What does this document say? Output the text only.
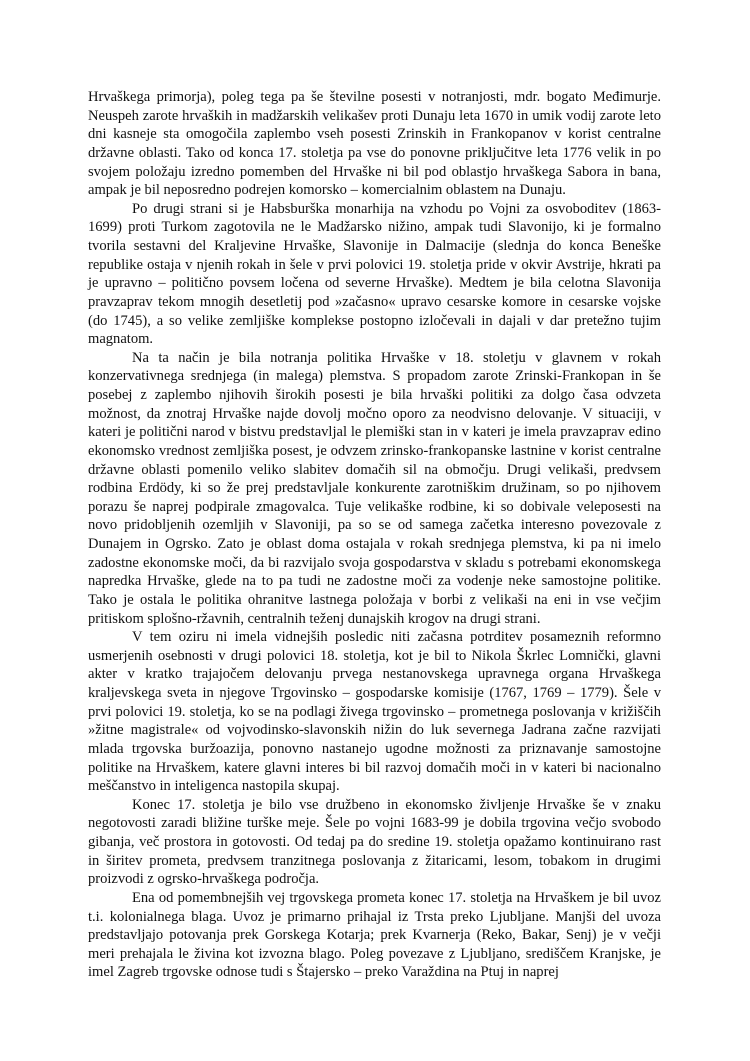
Hrvaškega primorja), poleg tega pa še številne posesti v notranjosti, mdr. bogato Međimurje. Neuspeh zarote hrvaških in madžarskih velikašev proti Dunaju leta 1670 in umik vodij zarote leto dni kasneje sta omogočila zaplembo vseh posesti Zrinskih in Frankopanov v korist centralne državne oblasti. Tako od konca 17. stoletja pa vse do ponovne priključitve leta 1776 velik in po svojem položaju izredno pomemben del Hrvaške ni bil pod oblastjo hrvaškega Sabora in bana, ampak je bil neposredno podrejen komorsko – komercialnim oblastem na Dunaju.

Po drugi strani si je Habsburška monarhija na vzhodu po Vojni za osvoboditev (1863-1699) proti Turkom zagotovila ne le Madžarsko nižino, ampak tudi Slavonijo, ki je formalno tvorila sestavni del Kraljevine Hrvaške, Slavonije in Dalmacije (slednja do konca Beneške republike ostaja v njenih rokah in šele v prvi polovici 19. stoletja pride v okvir Avstrije, hkrati pa je upravno – politično povsem ločena od severne Hrvaške). Medtem je bila celotna Slavonija pravzaprav tekom mnogih desetletij pod »začasno« upravo cesarske komore in cesarske vojske (do 1745), a so velike zemljiške komplekse postopno izločevali in dajali v dar pretežno tujim magnatom.

Na ta način je bila notranja politika Hrvaške v 18. stoletju v glavnem v rokah konzervativnega srednjega (in malega) plemstva. S propadom zarote Zrinski-Frankopan in še posebej z zaplembo njihovih širokih posesti je bila hrvaški politiki za dolgo časa odvzeta možnost, da znotraj Hrvaške najde dovolj močno oporo za neodvisno delovanje. V situaciji, v kateri je politični narod v bistvu predstavljal le plemiški stan in v kateri je imela pravzaprav edino ekonomsko vrednost zemljiška posest, je odvzem zrinsko-frankopanske lastnine v korist centralne državne oblasti pomenilo veliko slabitev domačih sil na območju. Drugi velikaši, predvsem rodbina Erdödy, ki so že prej predstavljale konkurente zarotniškim družinam, so po njihovem porazu še naprej podpirale zmagovalca. Tuje velikaške rodbine, ki so dobivale veleposesti na novo pridobljenih ozemljih v Slavoniji, pa so se od samega začetka interesno povezovale z Dunajem in Ogrsko. Zato je oblast doma ostajala v rokah srednjega plemstva, ki pa ni imelo zadostne ekonomske moči, da bi razvijalo svoja gospodarstva v skladu s potrebami ekonomskega napredka Hrvaške, glede na to pa tudi ne zadostne moči za vodenje neke samostojne politike. Tako je ostala le politika ohranitve lastnega položaja v borbi z velikaši na eni in vse večjim pritiskom splošno-ržavnih, centralnih teženj dunajskih krogov na drugi strani.

V tem oziru ni imela vidnejših posledic niti začasna potrditev posameznih reformno usmerjenih osebnosti v drugi polovici 18. stoletja, kot je bil to Nikola Škrlec Lomnički, glavni akter v kratko trajajočem delovanju prvega nestanovskega upravnega organa Hrvaškega kraljevskega sveta in njegove Trgovinsko – gospodarske komisije (1767, 1769 – 1779). Šele v prvi polovici 19. stoletja, ko se na podlagi živega trgovinsko – prometnega poslovanja v križiščih »žitne magistrale« od vojvodinsko-slavonskih nižin do luk severnega Jadrana začne razvijati mlada trgovska buržoazija, ponovno nastanejo ugodne možnosti za priznavanje samostojne politike na Hrvaškem, katere glavni interes bi bil razvoj domačih moči in v kateri bi nacionalno meščanstvo in inteligenca nastopila skupaj.

Konec 17. stoletja je bilo vse družbeno in ekonomsko življenje Hrvaške še v znaku negotovosti zaradi bližine turške meje. Šele po vojni 1683-99 je dobila trgovina večjo svobodo gibanja, več prostora in gotovosti. Od tedaj pa do sredine 19. stoletja opažamo kontinuirano rast in širitev prometa, predvsem tranzitnega poslovanja z žitaricami, lesom, tobakom in drugimi proizvodi z ogrsko-hrvaškega področja.

Ena od pomembnejših vej trgovskega prometa konec 17. stoletja na Hrvaškem je bil uvoz t.i. kolonialnega blaga. Uvoz je primarno prihajal iz Trsta preko Ljubljane. Manjši del uvoza predstavljajo potovanja prek Gorskega Kotarja; prek Kvarnerja (Reko, Bakar, Senj) je v večji meri prehajala le živina kot izvozna blago. Poleg povezave z Ljubljano, središčem Kranjske, je imel Zagreb trgovske odnose tudi s Štajersko – preko Varaždina na Ptuj in naprej
